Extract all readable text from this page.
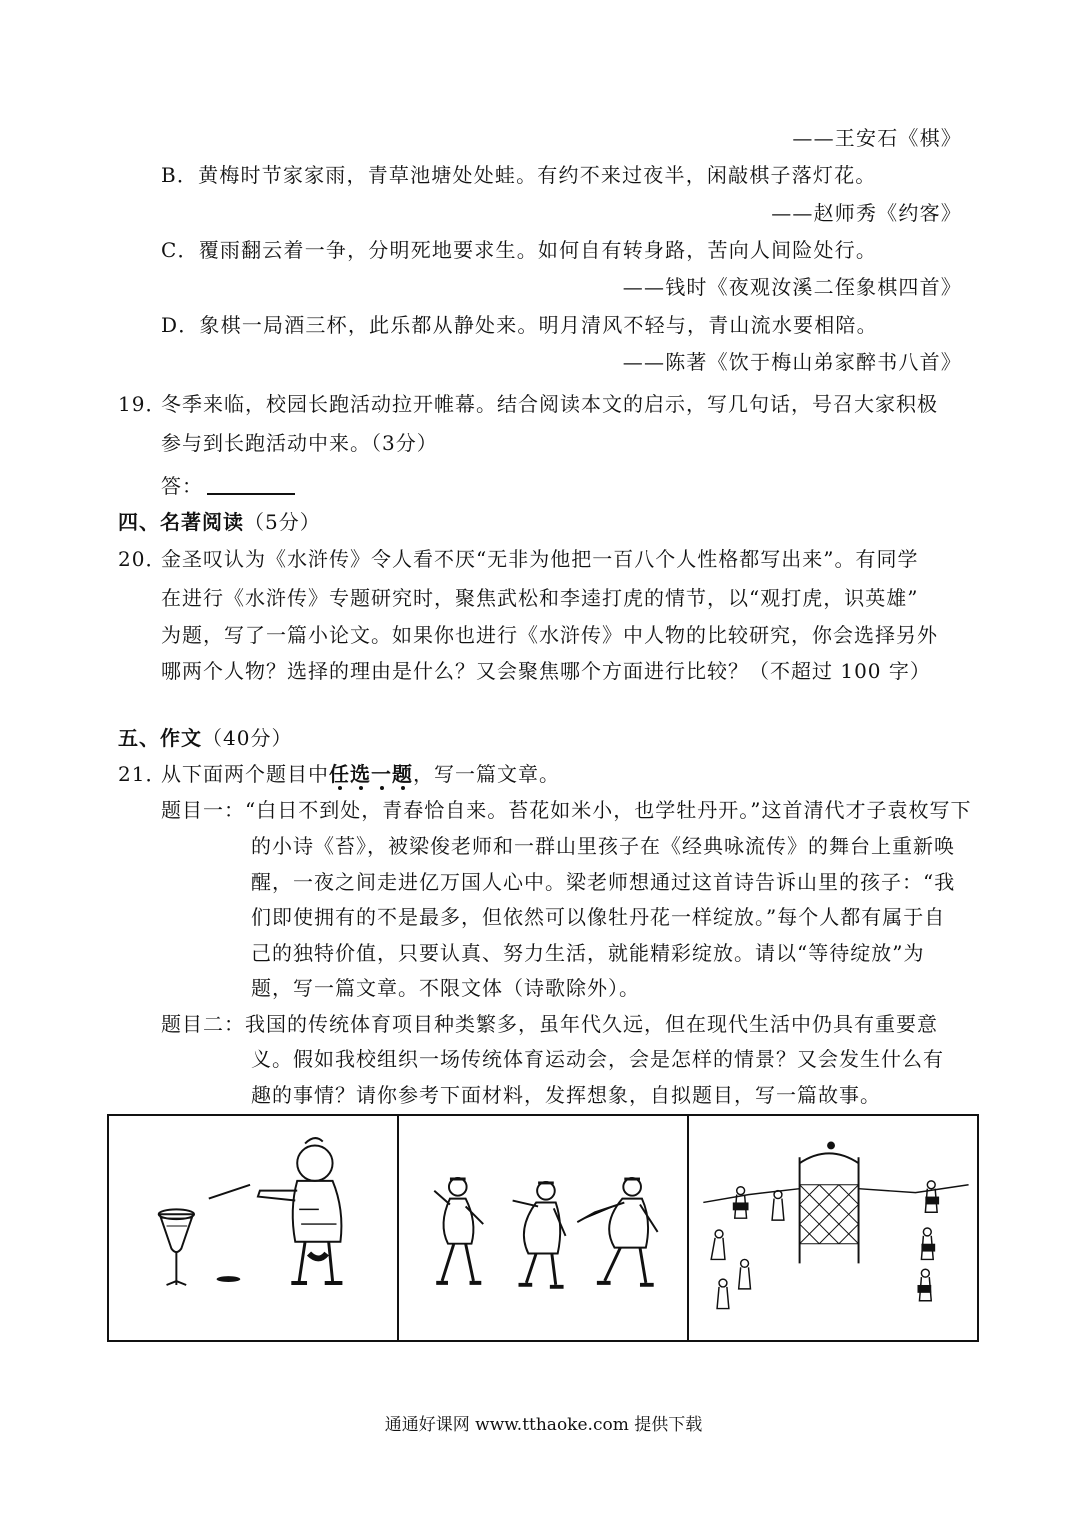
——王安石《棋》
B．黄梅时节家家雨，青草池塘处处蛙。有约不来过夜半，闲敲棋子落灯花。
——赵师秀《约客》
C．覆雨翻云着一争，分明死地要求生。如何自有转身路，苦向人间险处行。
——钱时《夜观汝溪二侄象棋四首》
D．象棋一局酒三杯，此乐都从静处来。明月清风不轻与，青山流水要相陪。
——陈著《饮于梅山弟家醉书八首》
19．
冬季来临，校园长跑活动拉开帷幕。结合阅读本文的启示，写几句话，号召大家积极
参与到长跑活动中来。（3分）
答：
四、名著阅读（5分）
20．
金圣叹认为《水浒传》令人看不厌“无非为他把一百八个人性格都写出来”。有同学
在进行《水浒传》专题研究时，聚焦武松和李逵打虎的情节，以“观打虎，识英雄”
为题，写了一篇小论文。如果你也进行《水浒传》中人物的比较研究，你会选择另外
哪两个人物？选择的理由是什么？又会聚焦哪个方面进行比较？（不超过 100 字）
五、作文（40分）
21．
从下面两个题目中任选一题
，写一篇文章。
题目一：“白日不到处，青春恰自来。苔花如米小，也学牡丹开。”这首清代才子袁枚写下
的小诗《苔》，被梁俊老师和一群山里孩子在《经典咏流传》的舞台上重新唤
醒，一夜之间走进亿万国人心中。梁老师想通过这首诗告诉山里的孩子：“我
们即使拥有的不是最多，但依然可以像牡丹花一样绽放。”每个人都有属于自
己的独特价值，只要认真、努力生活，就能精彩绽放。请以“等待绽放”为
题，写一篇文章。不限文体（诗歌除外）。
题目二：我国的传统体育项目种类繁多，虽年代久远，但在现代生活中仍具有重要意
义。假如我校组织一场传统体育运动会，会是怎样的情景？又会发生什么有
趣的事情？请你参考下面材料，发挥想象，自拟题目，写一篇故事。
通通好课网 www.tthaoke.com 提供下载
